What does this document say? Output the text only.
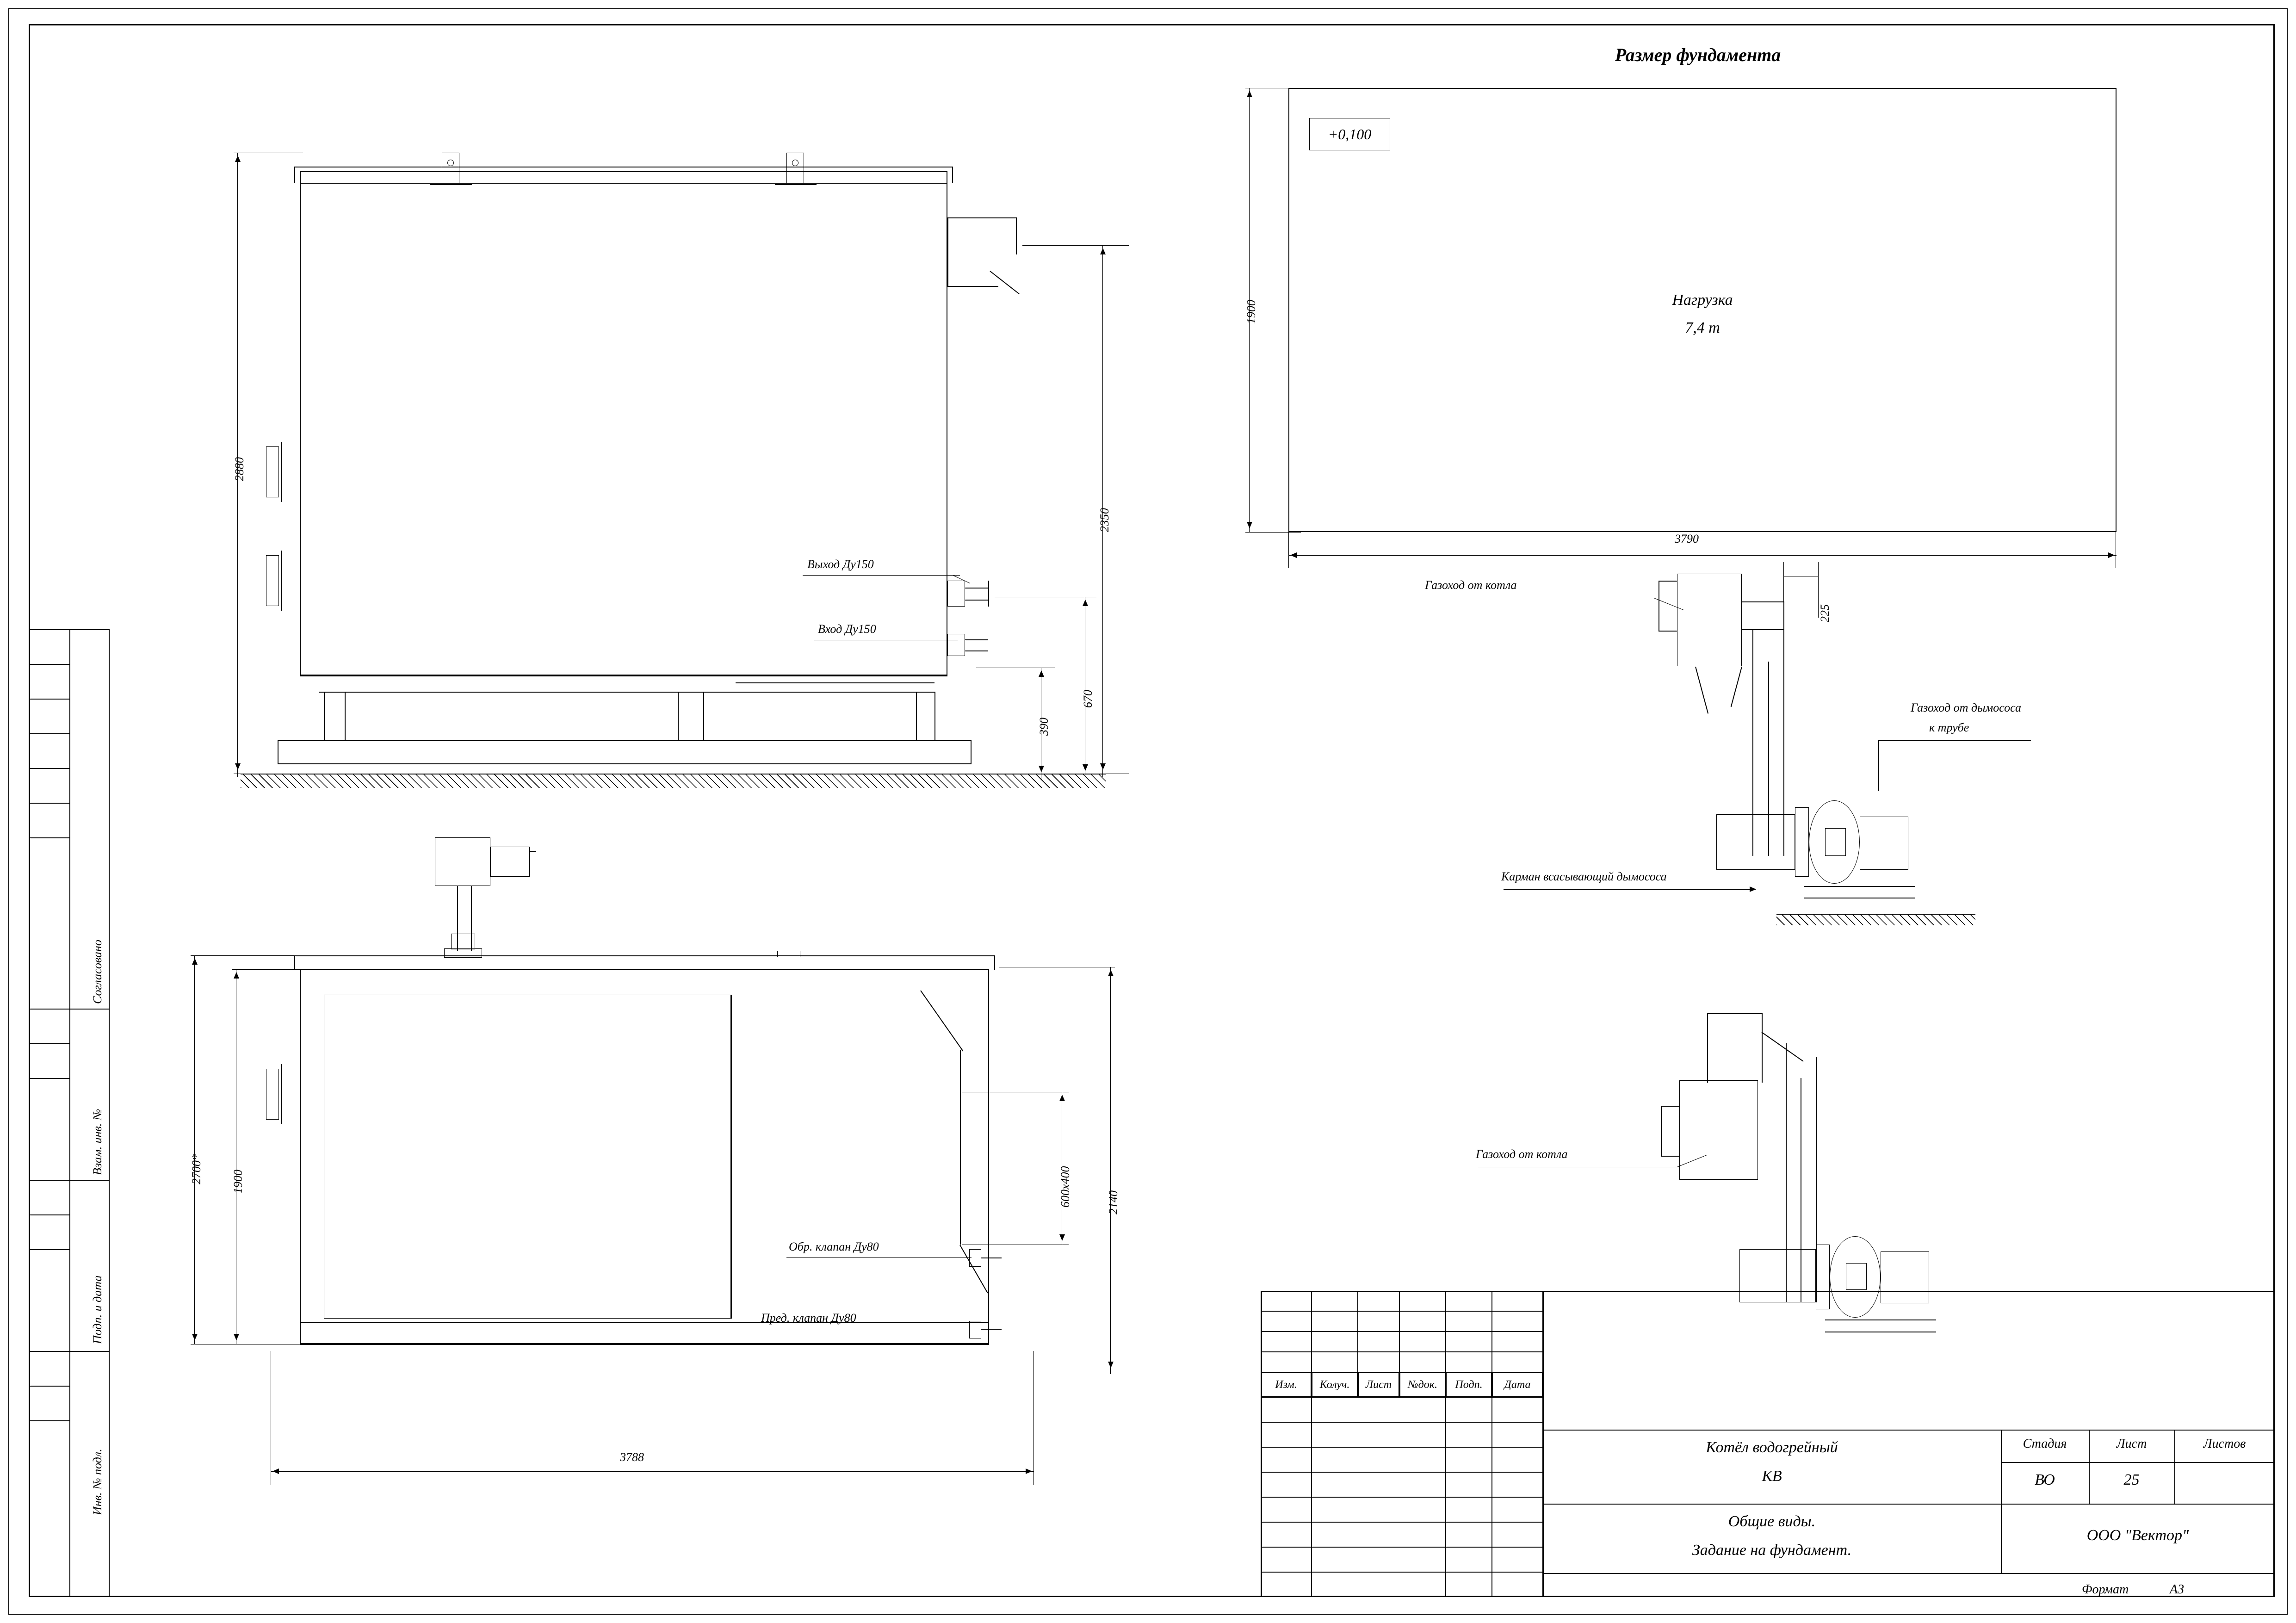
Согласовано
Взам. инв. №
Подп. и дата
Инв. № подл.
Выход Ду150
Вход Ду150
2880
2350
670
390
Обр. клапан Ду80
Пред. клапан Ду80
2700* 1900
2140
600х400
3788
Размер фундамента
+0,100
Нагрузка
7,4 т
1900
3790
Газоход от котла
Газоход от дымососа
к трубе
Карман всасывающий дымососа
225
Газоход от котла
Изм.	Колуч.	Лист	№док.	Подп.	Дата
Котёл водогрейный
КВ
Общие виды.
Задание на фундамент.
Стадия	Лист	Листов
ВО	25
ООО "Вектор"
Формат	А3
